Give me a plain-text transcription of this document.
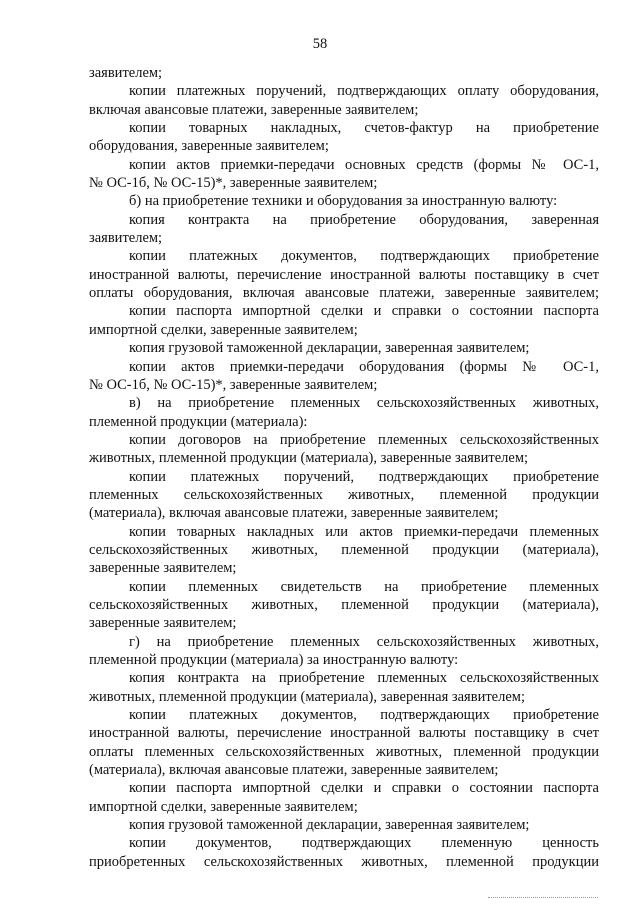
58
заявителем;
копии платежных поручений, подтверждающих оплату оборудования,
включая авансовые платежи, заверенные заявителем;
копии товарных накладных, счетов-фактур на приобретение
оборудования, заверенные заявителем;
копии актов приемки-передачи основных средств (формы № ОС-1,
№ ОС-1б, № ОС-15)*, заверенные заявителем;
б) на приобретение техники и оборудования за иностранную валюту:
копия контракта на приобретение оборудования, заверенная
заявителем;
копии платежных документов, подтверждающих приобретение
иностранной валюты, перечисление иностранной валюты поставщику в счет
оплаты оборудования, включая авансовые платежи, заверенные заявителем;
копии паспорта импортной сделки и справки о состоянии паспорта
импортной сделки, заверенные заявителем;
копия грузовой таможенной декларации, заверенная заявителем;
копии актов приемки-передачи оборудования (формы № ОС-1,
№ ОС-1б, № ОС-15)*, заверенные заявителем;
в) на приобретение племенных сельскохозяйственных животных,
племенной продукции (материала):
копии договоров на приобретение племенных сельскохозяйственных
животных, племенной продукции (материала), заверенные заявителем;
копии платежных поручений, подтверждающих приобретение
племенных сельскохозяйственных животных, племенной продукции
(материала), включая авансовые платежи, заверенные заявителем;
копии товарных накладных или актов приемки-передачи племенных
сельскохозяйственных животных, племенной продукции (материала),
заверенные заявителем;
копии племенных свидетельств на приобретение племенных
сельскохозяйственных животных, племенной продукции (материала),
заверенные заявителем;
г) на приобретение племенных сельскохозяйственных животных,
племенной продукции (материала) за иностранную валюту:
копия контракта на приобретение племенных сельскохозяйственных
животных, племенной продукции (материала), заверенная заявителем;
копии платежных документов, подтверждающих приобретение
иностранной валюты, перечисление иностранной валюты поставщику в счет
оплаты племенных сельскохозяйственных животных, племенной продукции
(материала), включая авансовые платежи, заверенные заявителем;
копии паспорта импортной сделки и справки о состоянии паспорта
импортной сделки, заверенные заявителем;
копия грузовой таможенной декларации, заверенная заявителем;
копии документов, подтверждающих племенную ценность
приобретенных сельскохозяйственных животных, племенной продукции
